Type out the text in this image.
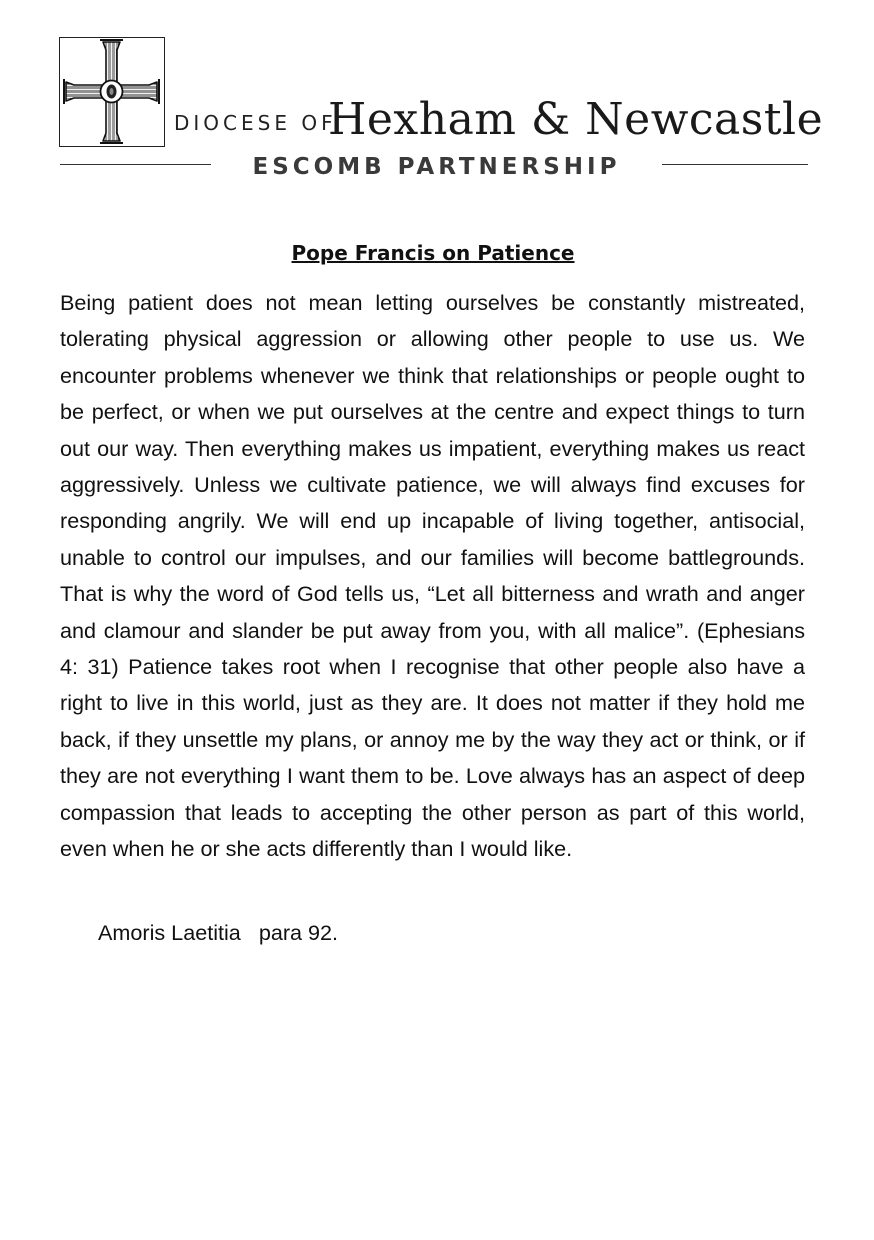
DIOCESE OF
Hexham & Newcastle
ESCOMB PARTNERSHIP
Pope Francis on Patience

Being patient does not mean letting ourselves be constantly mistreated, tolerating physical aggression or allowing other people to use us. We encounter problems whenever we think that relationships or people ought to be perfect, or when we put ourselves at the centre and expect things to turn out our way. Then everything makes us impatient, everything makes us react aggressively. Unless we cultivate patience, we will always find excuses for responding angrily. We will end up incapable of living together, antisocial, unable to control our impulses, and our families will become battlegrounds. That is why the word of God tells us, “Let all bitterness and wrath and anger and clamour and slander be put away from you, with all malice”. (Ephesians 4: 31) Patience takes root when I recognise that other people also have a right to live in this world, just as they are. It does not matter if they hold me back, if they unsettle my plans, or annoy me by the way they act or think, or if they are not everything I want them to be. Love always has an aspect of deep compassion that leads to accepting the other person as part of this world, even when he or she acts differently than I would like.

Amoris Laetitia   para 92.
